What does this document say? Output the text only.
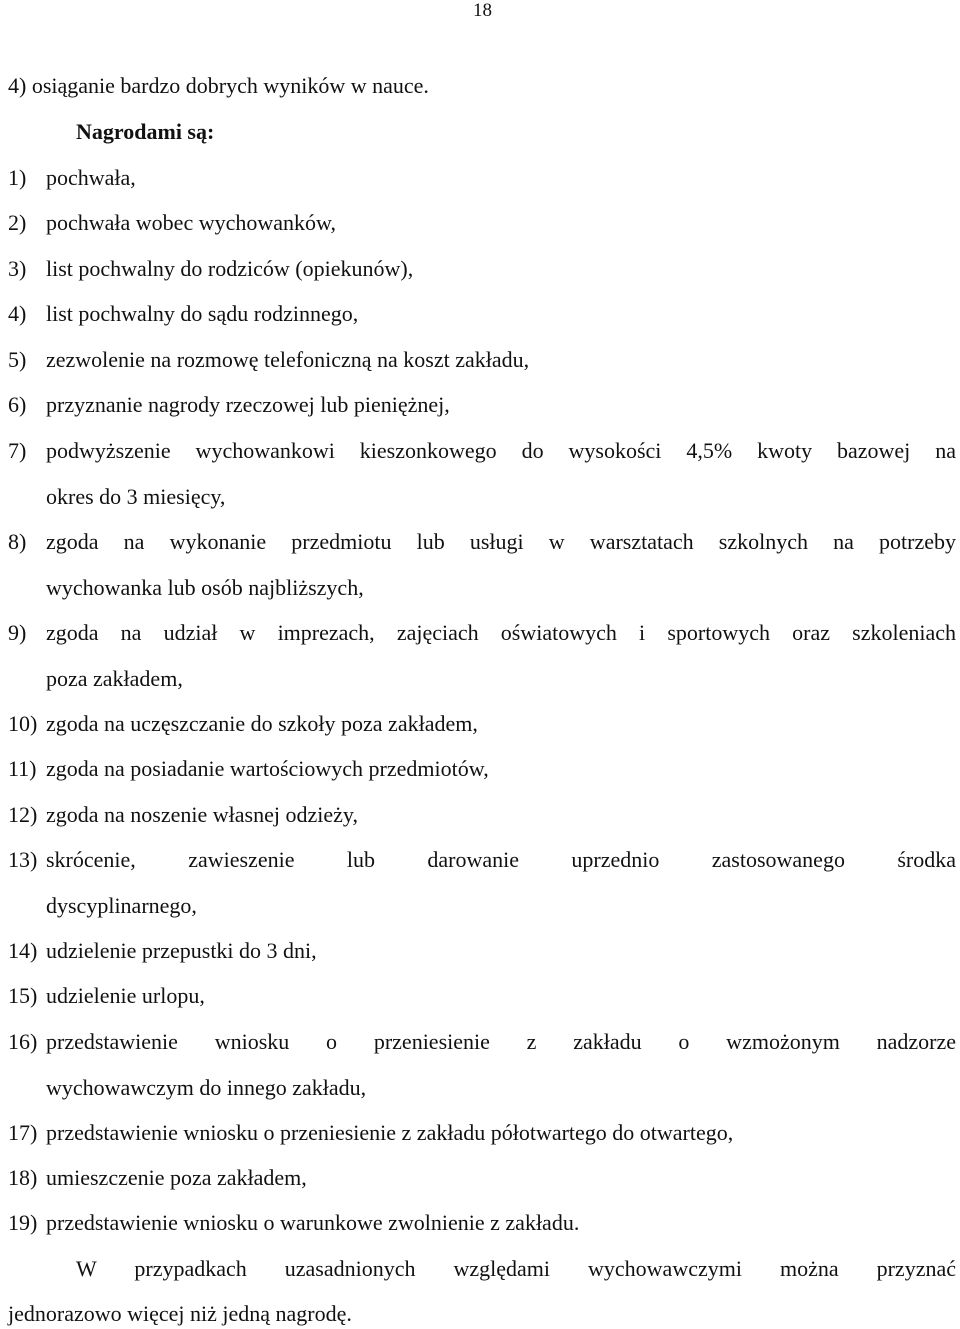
18
4) osiąganie bardzo dobrych wyników w nauce.
Nagrodami są:
1) pochwała,
2) pochwała wobec wychowanków,
3) list pochwalny do rodziców (opiekunów),
4) list pochwalny do sądu rodzinnego,
5) zezwolenie na rozmowę telefoniczną na koszt zakładu,
6) przyznanie nagrody rzeczowej lub pieniężnej,
7) podwyższenie wychowankowi kieszonkowego do wysokości 4,5% kwoty bazowej na
okres do 3 miesięcy,
8) zgoda na wykonanie przedmiotu lub usługi w warsztatach szkolnych na potrzeby
wychowanka lub osób najbliższych,
9) zgoda na udział w imprezach, zajęciach oświatowych i sportowych oraz szkoleniach
poza zakładem,
10) zgoda na uczęszczanie do szkoły poza zakładem,
11) zgoda na posiadanie wartościowych przedmiotów,
12) zgoda na noszenie własnej odzieży,
13) skrócenie, zawieszenie lub darowanie uprzednio zastosowanego środka
dyscyplinarnego,
14) udzielenie przepustki do 3 dni,
15) udzielenie urlopu,
16) przedstawienie wniosku o przeniesienie z zakładu o wzmożonym nadzorze
wychowawczym do innego zakładu,
17) przedstawienie wniosku o przeniesienie z zakładu półotwartego do otwartego,
18) umieszczenie poza zakładem,
19) przedstawienie wniosku o warunkowe zwolnienie z zakładu.
W przypadkach uzasadnionych względami wychowawczymi można przyznać
jednorazowo więcej niż jedną nagrodę.
